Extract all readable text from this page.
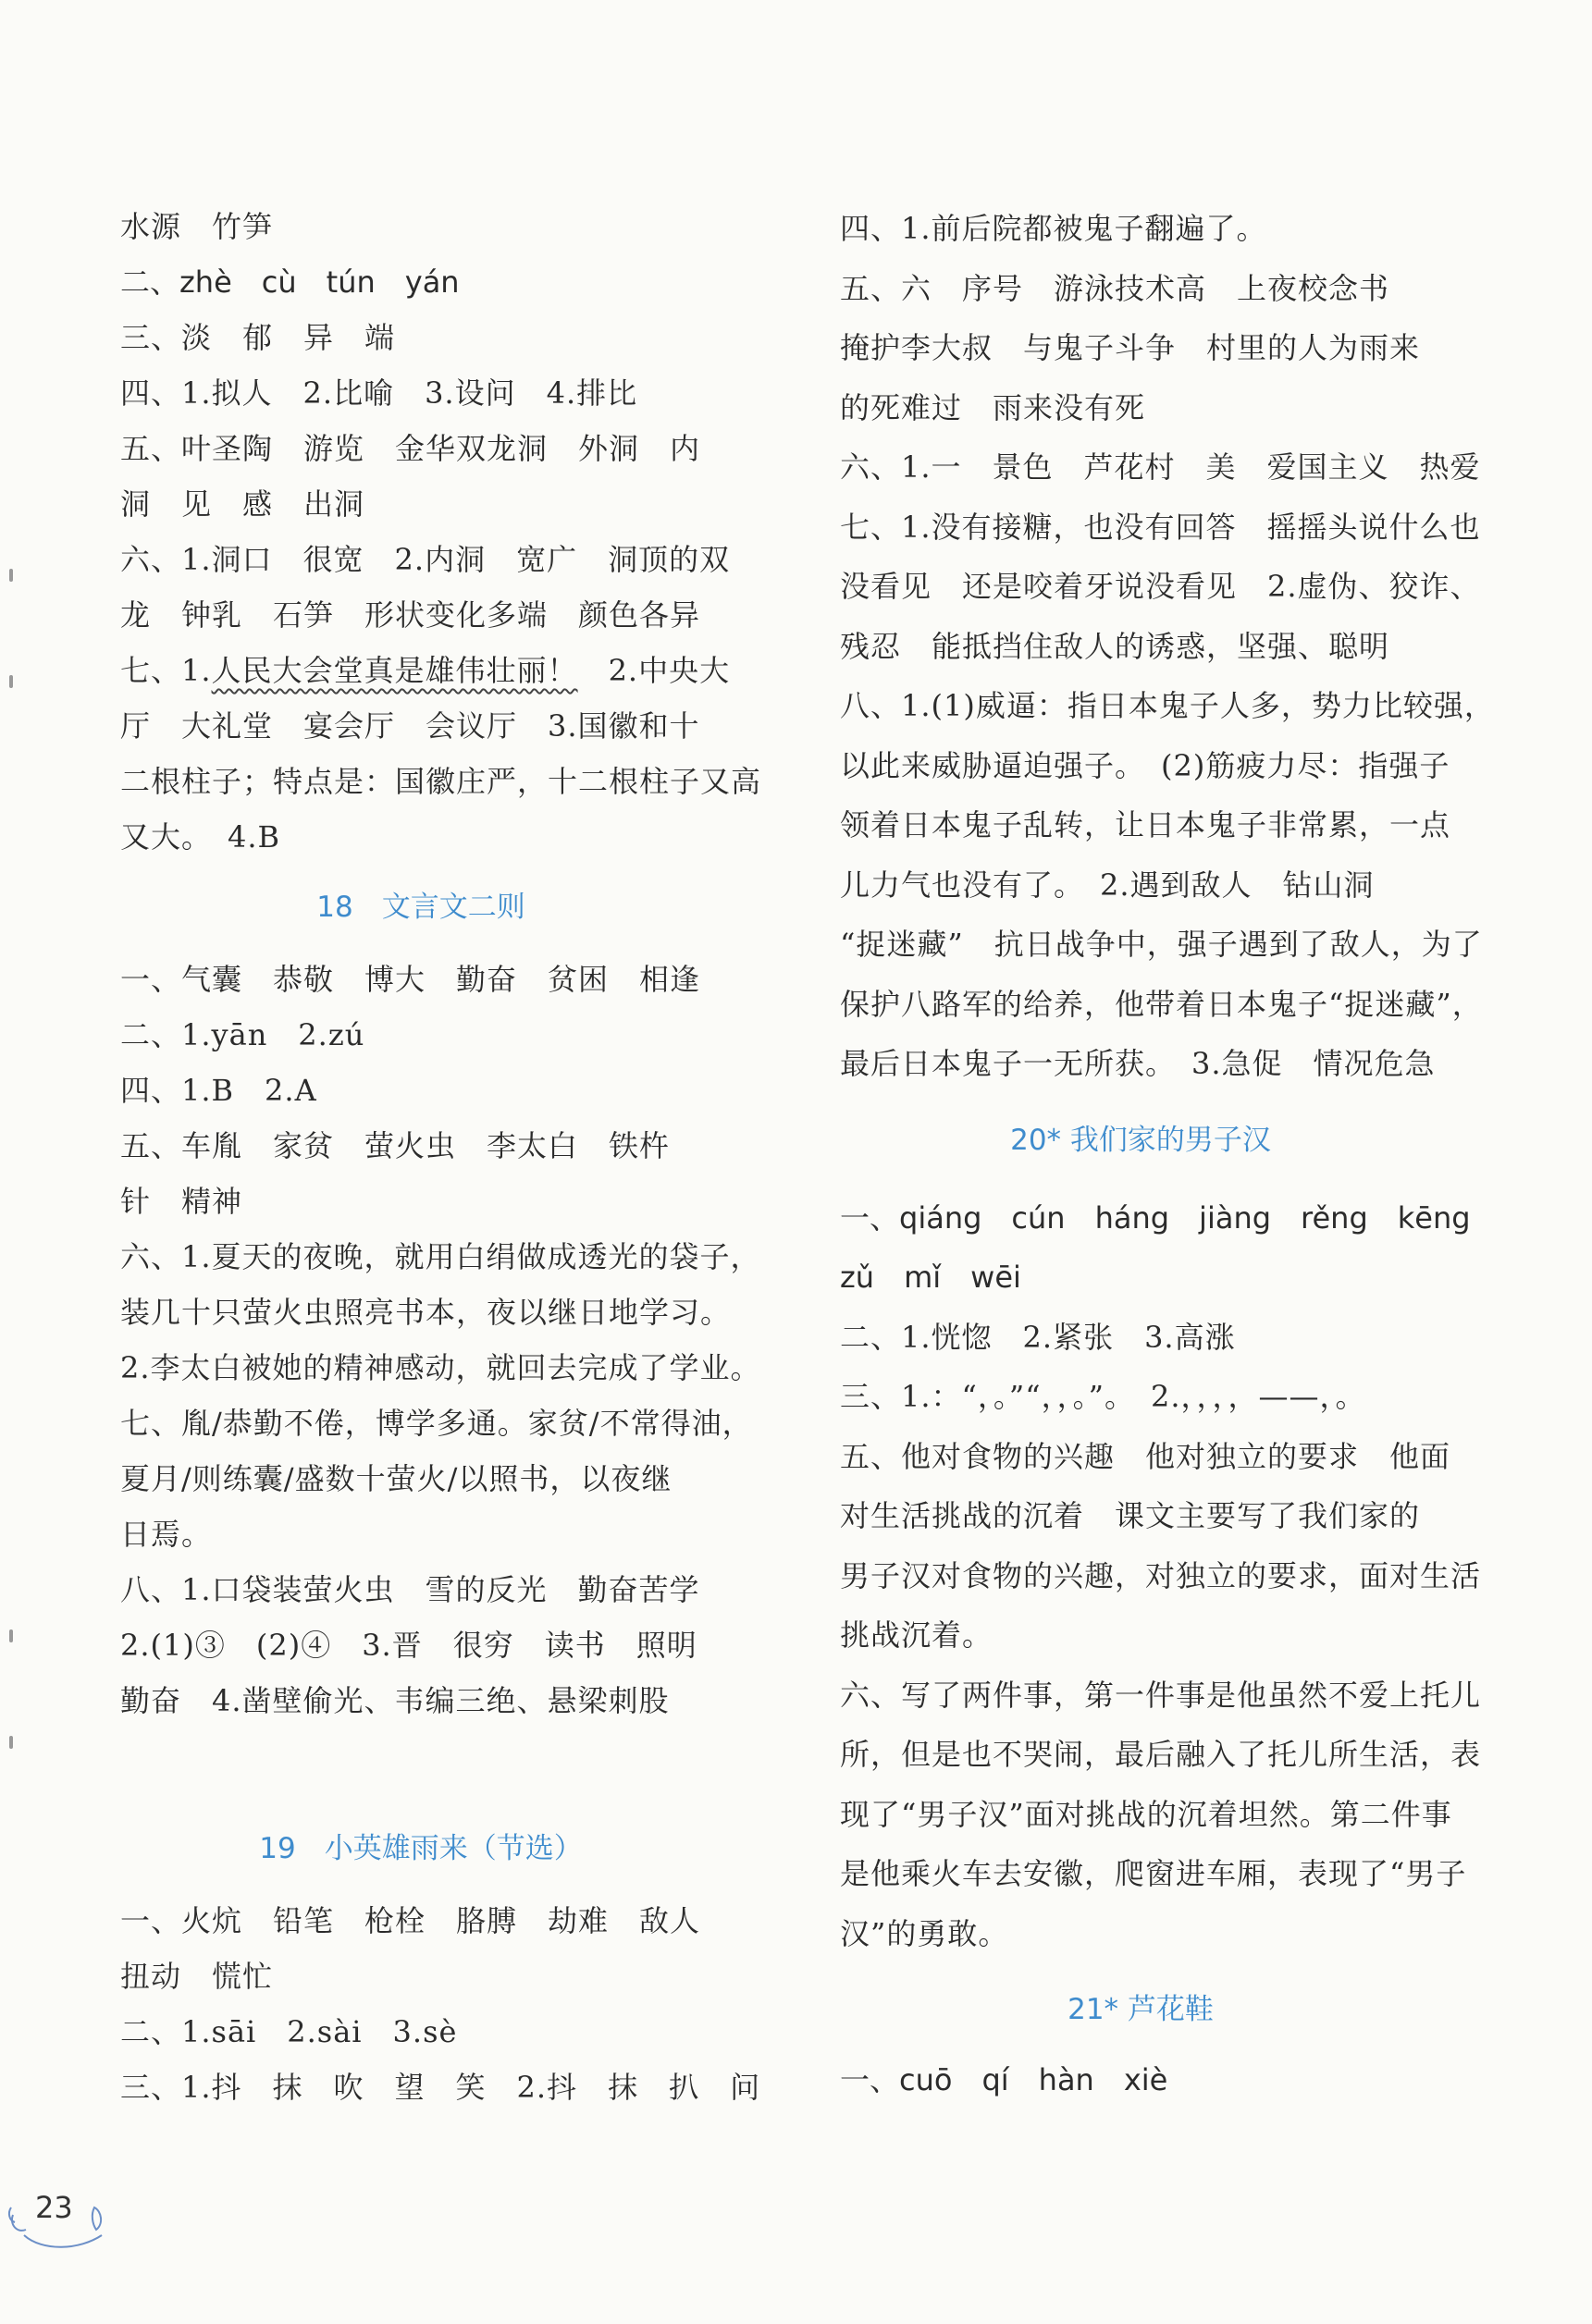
水源　竹笋
二、zhè　cù　tún　yán
三、淡　郁　异　端
四、1.拟人　2.比喻　3.设问　4.排比
五、叶圣陶　游览　金华双龙洞　外洞　内
洞　见　感　出洞
六、1.洞口　很宽　2.内洞　宽广　洞顶的双
龙　钟乳　石笋　形状变化多端　颜色各异
七、1.人民大会堂真是雄伟壮丽！　2.中央大
厅　大礼堂　宴会厅　会议厅　3.国徽和十
二根柱子；特点是：国徽庄严，十二根柱子又高
又大。　4.B
18　文言文二则
一、气囊　恭敬　博大　勤奋　贫困　相逢
二、1.yān　2.zú
四、1.B　2.A
五、车胤　家贫　萤火虫　李太白　铁杵
针　精神
六、1.夏天的夜晚，就用白绢做成透光的袋子，
装几十只萤火虫照亮书本，夜以继日地学习。
2.李太白被她的精神感动，就回去完成了学业。
七、胤/恭勤不倦，博学多通。家贫/不常得油，
夏月/则练囊/盛数十萤火/以照书，以夜继
日焉。
八、1.口袋装萤火虫　雪的反光　勤奋苦学
2.(1)③　(2)④　3.晋　很穷　读书　照明
勤奋　4.凿壁偷光、韦编三绝、悬梁刺股
19　小英雄雨来（节选）
一、火炕　铅笔　枪栓　胳膊　劫难　敌人
扭动　慌忙
二、1.sāi　2.sài　3.sè
三、1.抖　抹　吹　望　笑　2.抖　抹　扒　问
四、1.前后院都被鬼子翻遍了。
五、六　序号　游泳技术高　上夜校念书
掩护李大叔　与鬼子斗争　村里的人为雨来
的死难过　雨来没有死
六、1.一　景色　芦花村　美　爱国主义　热爱
七、1.没有接糖，也没有回答　摇摇头说什么也
没看见　还是咬着牙说没看见　2.虚伪、狡诈、
残忍　能抵挡住敌人的诱惑，坚强、聪明
八、1.(1)威逼：指日本鬼子人多，势力比较强，
以此来威胁逼迫强子。　(2)筋疲力尽：指强子
领着日本鬼子乱转，让日本鬼子非常累，一点
儿力气也没有了。　2.遇到敌人　钻山洞
“捉迷藏”　抗日战争中，强子遇到了敌人，为了
保护八路军的给养，他带着日本鬼子“捉迷藏”，
最后日本鬼子一无所获。　3.急促　情况危急
20* 我们家的男子汉
一、qiáng　cún　háng　jiàng　rěng　kēng
zǔ　mǐ　wēi
二、1.恍惚　2.紧张　3.高涨
三、1.：“，。”“，，。”。　2.，，，，——，。
五、他对食物的兴趣　他对独立的要求　他面
对生活挑战的沉着　课文主要写了我们家的
男子汉对食物的兴趣，对独立的要求，面对生活
挑战沉着。
六、写了两件事，第一件事是他虽然不爱上托儿
所，但是也不哭闹，最后融入了托儿所生活，表
现了“男子汉”面对挑战的沉着坦然。第二件事
是他乘火车去安徽，爬窗进车厢，表现了“男子
汉”的勇敢。
21* 芦花鞋
一、cuō　qí　hàn　xiè
23
